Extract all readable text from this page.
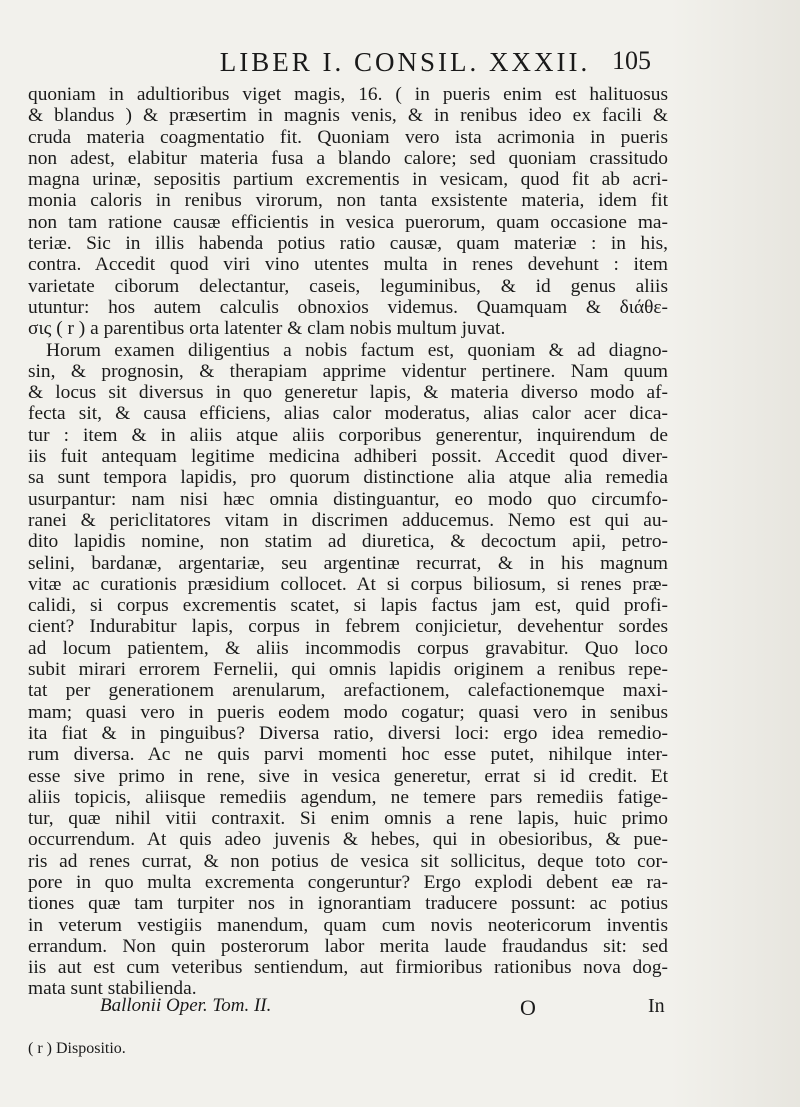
LIBER I. CONSIL. XXXII. 105
quoniam in adultioribus viget magis, 16. ( in pueris enim est halituosus
& blandus ) & præsertim in magnis venis, & in renibus ideo ex facili &
cruda materia coagmentatio fit. Quoniam vero ista acrimonia in pueris
non adest, elabitur materia fusa a blando calore; sed quoniam crassitudo
magna urinæ, sepositis partium excrementis in vesicam, quod fit ab acri-
monia caloris in renibus virorum, non tanta exsistente materia, idem fit
non tam ratione causæ efficientis in vesica puerorum, quam occasione ma-
teriæ. Sic in illis habenda potius ratio causæ, quam materiæ : in his,
contra. Accedit quod viri vino utentes multa in renes devehunt : item
varietate ciborum delectantur, caseis, leguminibus, & id genus aliis
utuntur: hos autem calculis obnoxios videmus. Quamquam & διάθε-
σις ( r ) a parentibus orta latenter & clam nobis multum juvat.
Horum examen diligentius a nobis factum est, quoniam & ad diagno-
sin, & prognosin, & therapiam apprime videntur pertinere. Nam quum
& locus sit diversus in quo generetur lapis, & materia diverso modo af-
fecta sit, & causa efficiens, alias calor moderatus, alias calor acer dica-
tur : item & in aliis atque aliis corporibus generentur, inquirendum de
iis fuit antequam legitime medicina adhiberi possit. Accedit quod diver-
sa sunt tempora lapidis, pro quorum distinctione alia atque alia remedia
usurpantur: nam nisi hæc omnia distinguantur, eo modo quo circumfo-
ranei & periclitatores vitam in discrimen adducemus. Nemo est qui au-
dito lapidis nomine, non statim ad diuretica, & decoctum apii, petro-
selini, bardanæ, argentariæ, seu argentinæ recurrat, & in his magnum
vitæ ac curationis præsidium collocet. At si corpus biliosum, si renes præ-
calidi, si corpus excrementis scatet, si lapis factus jam est, quid profi-
cient? Indurabitur lapis, corpus in febrem conjicietur, devehentur sordes
ad locum patientem, & aliis incommodis corpus gravabitur. Quo loco
subit mirari errorem Fernelii, qui omnis lapidis originem a renibus repe-
tat per generationem arenularum, arefactionem, calefactionemque maxi-
mam; quasi vero in pueris eodem modo cogatur; quasi vero in senibus
ita fiat & in pinguibus? Diversa ratio, diversi loci: ergo idea remedio-
rum diversa. Ac ne quis parvi momenti hoc esse putet, nihilque inter-
esse sive primo in rene, sive in vesica generetur, errat si id credit. Et
aliis topicis, aliisque remediis agendum, ne temere pars remediis fatige-
tur, quæ nihil vitii contraxit. Si enim omnis a rene lapis, huic primo
occurrendum. At quis adeo juvenis & hebes, qui in obesioribus, & pue-
ris ad renes currat, & non potius de vesica sit sollicitus, deque toto cor-
pore in quo multa excrementa congeruntur? Ergo explodi debent eæ ra-
tiones quæ tam turpiter nos in ignorantiam traducere possunt: ac potius
in veterum vestigiis manendum, quam cum novis neotericorum inventis
errandum. Non quin posterorum labor merita laude fraudandus sit: sed
iis aut est cum veteribus sentiendum, aut firmioribus rationibus nova dog-
mata sunt stabilienda.
Ballonii Oper. Tom. II.	O	In
( r ) Dispositio.
